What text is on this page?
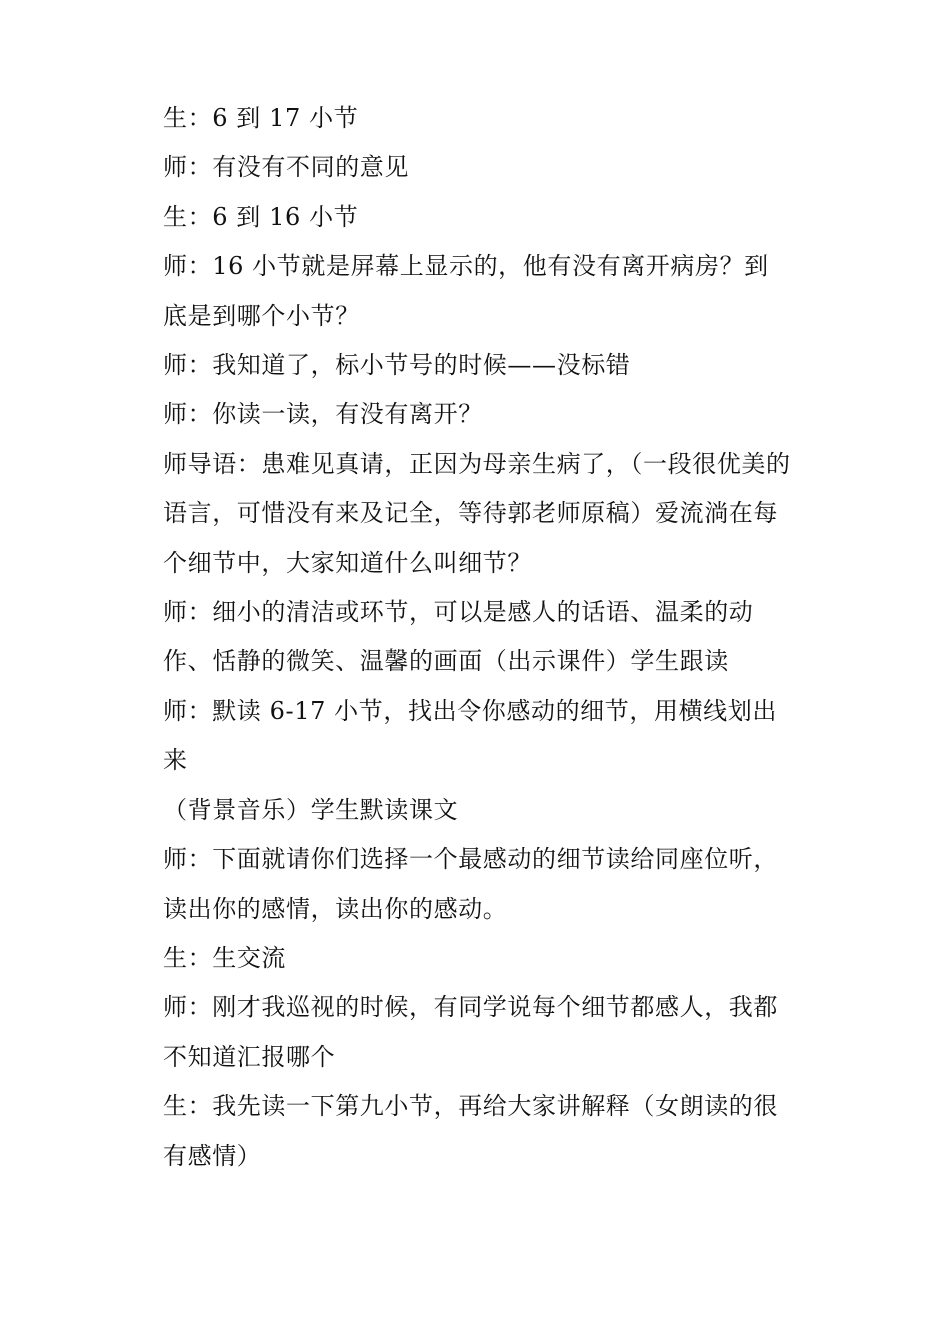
生：6 到 17 小节

师：有没有不同的意见

生：6 到 16 小节

师：16 小节就是屏幕上显示的，他有没有离开病房？到底是到哪个小节？

师：我知道了，标小节号的时候——没标错

师：你读一读，有没有离开？

师导语：患难见真请，正因为母亲生病了，（一段很优美的语言，可惜没有来及记全，等待郭老师原稿）爱流淌在每个细节中，大家知道什么叫细节？

师：细小的清洁或环节，可以是感人的话语、温柔的动作、恬静的微笑、温馨的画面（出示课件）学生跟读

师：默读 6-17 小节，找出令你感动的细节，用横线划出来

（背景音乐）学生默读课文

师：下面就请你们选择一个最感动的细节读给同座位听，读出你的感情，读出你的感动。

生：生交流

师：刚才我巡视的时候，有同学说每个细节都感人，我都不知道汇报哪个

生：我先读一下第九小节，再给大家讲解释（女朗读的很有感情）
